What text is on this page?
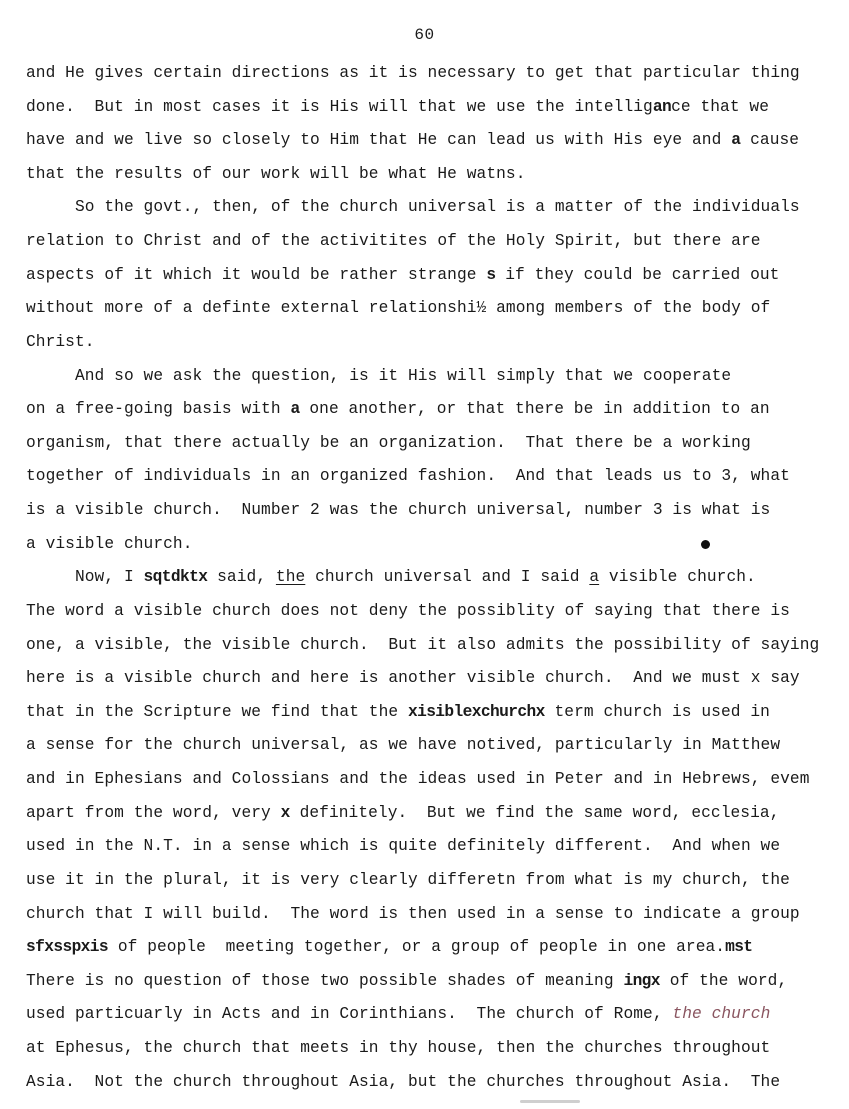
60
and He gives certain directions as it is necessary to get that particular thing
done.  But in most cases it is His will that we use the intelligance that we
have and we live so closely to Him that He can lead us with His eye and a cause
that the results of our work will be what He watns.
So the govt., then, of the church universal is a matter of the individuals
relation to Christ and of the activitites of the Holy Spirit, but there are
aspects of it which it would be rather strange s if they could be carried out
without more of a definte external relationshi½ among members of the body of
Christ.
And so we ask the question, is it His will simply that we cooperate
on a free-going basis with a one another, or that there be in addition to an
organism, that there actually be an organization.  That there be a working
together of individuals in an organized fashion.  And that leads us to 3, what
is a visible church.  Number 2 was the church universal, number 3 is what is
a visible church.
Now, I sqtdktx said, the church universal and I said a visible church.
The word a visible church does not deny the possiblity of saying that there is
one, a visible, the visible church.  But it also admits the possibility of saying
here is a visible church and here is another visible church.  And we must x say
that in the Scripture we find that the xisiblexchurchx term church is used in
a sense for the church universal, as we have notived, particularly in Matthew
and in Ephesians and Colossians and the ideas used in Peter and in Hebrews, evem
apart from the word, very x definitely.  But we find the same word, ecclesia,
used in the N.T. in a sense which is quite definitely different.  And when we
use it in the plural, it is very clearly differetn from what is my church, the
church that I will build.  The word is then used in a sense to indicate a group
sfxsspxis of people  meeting together, or a group of people in one area.mst
There is no question of those two possible shades of meaning ingx of the word,
used particuarly in Acts and in Corinthians.  The church of Rome, the church
at Ephesus, the church that meets in thy house, then the churches throughout
Asia.  Not the church throughout Asia, but the churches throughout Asia.  The
